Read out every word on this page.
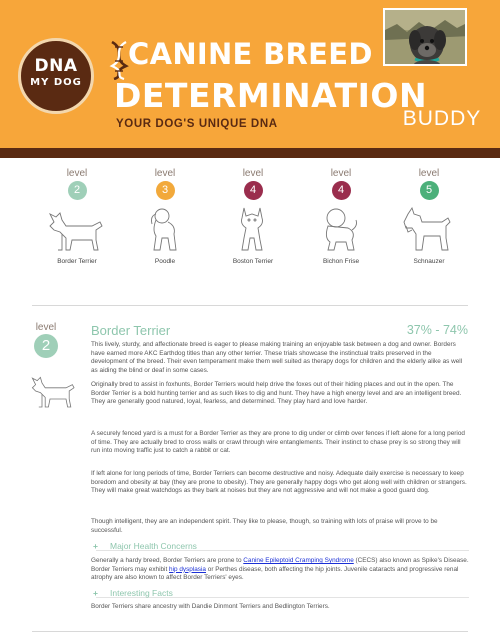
DNA
MY DOG
CANINE BREED
DETERMINATION
YOUR DOG'S UNIQUE DNA	BUDDY
level
2
Border Terrier
level
3
Poodle
level
4
Boston Terrier
level
4
Bichon Frise
level
5
Schnauzer
level
2
Border Terrier	37% - 74%
This lively, sturdy, and affectionate breed is eager to please making training an enjoyable task between a dog and owner. Borders have earned more AKC Earthdog titles than any other terrier. These trials showcase the instinctual traits preserved in the development of the breed. Their even temperament make them well suited as therapy dogs for children and the elderly alike as well as aiding the blind or deaf in some cases.
Originally bred to assist in foxhunts, Border Terriers would help drive the foxes out of their hiding places and out in the open. The Border Terrier is a bold hunting terrier and as such likes to dig and hunt. They have a high energy level and are an intelligent breed. They are generally good natured, loyal, fearless, and determined. They play hard and love harder.
A securely fenced yard is a must for a Border Terrier as they are prone to dig under or climb over fences if left alone for a long period of time. They are actually bred to cross walls or crawl through wire entanglements. Their instinct to chase prey is so strong they will run into moving traffic just to catch a rabbit or cat.
If left alone for long periods of time, Border Terriers can become destructive and noisy. Adequate daily exercise is necessary to keep boredom and obesity at bay (they are prone to obesity). They are generally happy dogs who get along well with children or strangers. They will make great watchdogs as they bark at noises but they are not aggressive and will not make a good guard dog.
Though intelligent, they are an independent spirit. They like to please, though, so training with lots of praise will prove to be successful.
+ Major Health Concerns
Generally a hardy breed, Border Terriers are prone to Canine Epileptoid Cramping Syndrome (CECS) also known as Spike's Disease. Border Terriers may exhibit hip dysplasia or Perthes disease, both affecting the hip joints. Juvenile cataracts and progressive renal atrophy are also known to affect Border Terriers' eyes.
+ Interesting Facts
Border Terriers share ancestry with Dandie Dinmont Terriers and Bedlington Terriers.
